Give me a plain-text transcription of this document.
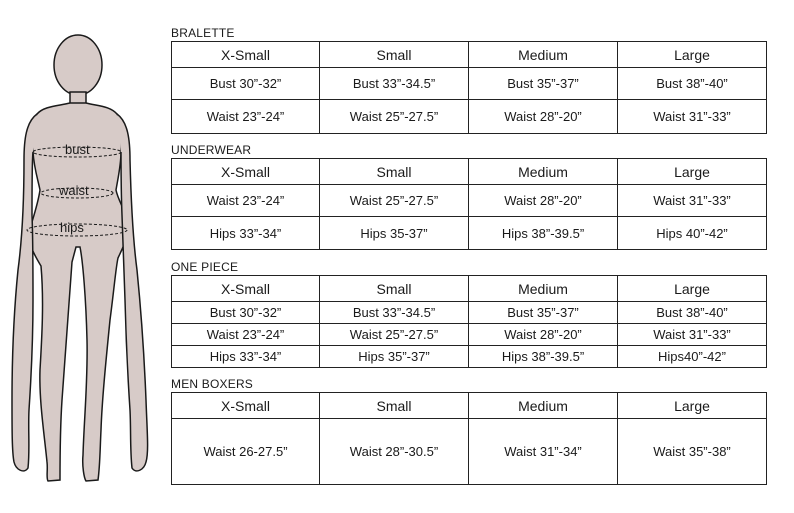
bust
waist
hips
BRALETTE
X-Small	Small	Medium	Large
Bust 30”-32”	Bust 33”-34.5”	Bust 35”-37”	Bust 38”-40”
Waist 23”-24”	Waist 25”-27.5”	Waist 28”-20”	Waist 31”-33”
UNDERWEAR
X-Small	Small	Medium	Large
Waist 23”-24”	Waist 25”-27.5”	Waist 28”-20”	Waist 31”-33”
Hips 33”-34”	Hips 35-37”	Hips 38”-39.5”	Hips 40”-42”
ONE PIECE
X-Small	Small	Medium	Large
Bust 30”-32”	Bust 33”-34.5”	Bust 35”-37”	Bust 38”-40”
Waist 23”-24”	Waist 25”-27.5”	Waist 28”-20”	Waist 31”-33”
Hips 33”-34”	Hips 35”-37”	Hips 38”-39.5”	Hips40”-42”
MEN BOXERS
X-Small	Small	Medium	Large
Waist 26-27.5”	Waist 28”-30.5”	Waist 31”-34”	Waist 35”-38”
